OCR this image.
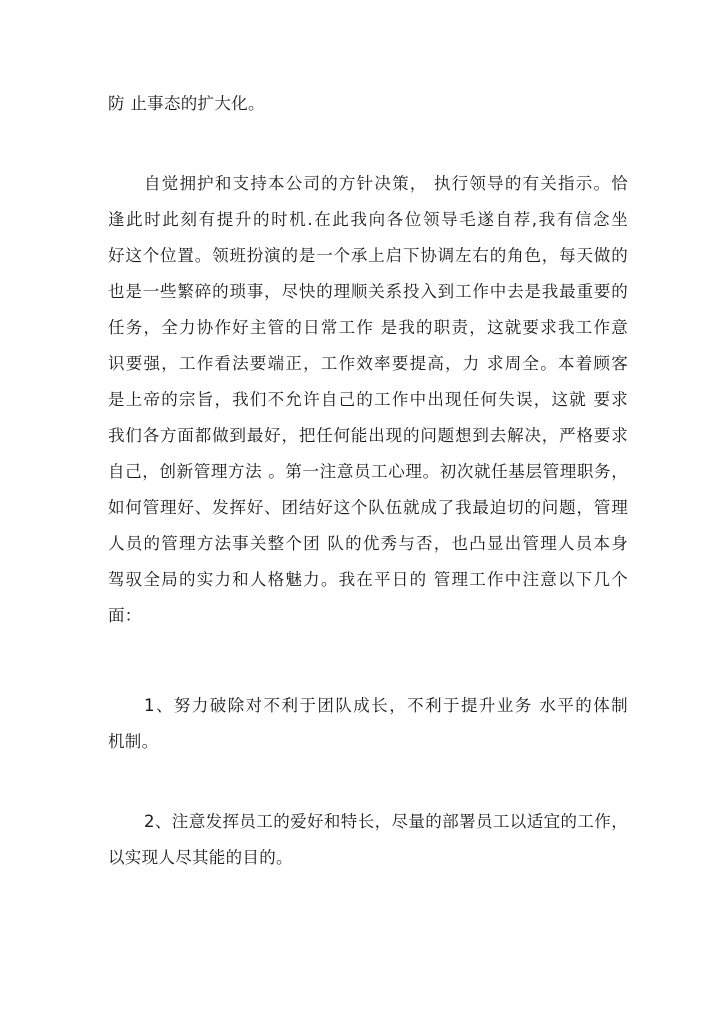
防 止事态的扩大化。
自觉拥护和支持本公司的方针决策， 执行领导的有关指示。恰
逢此时此刻有提升的时机.在此我向各位领导毛遂自荐,我有信念坐
好这个位置。领班扮演的是一个承上启下协调左右的角色，每天做的
也是一些繁碎的琐事，尽快的理顺关系投入到工作中去是我最重要的
任务，全力协作好主管的日常工作 是我的职责，这就要求我工作意
识要强，工作看法要端正，工作效率要提高，力 求周全。本着顾客
是上帝的宗旨，我们不允许自己的工作中出现任何失误，这就 要求
我们各方面都做到最好，把任何能出现的问题想到去解决，严格要求
自己，创新管理方法 。第一注意员工心理。初次就任基层管理职务，
如何管理好、发挥好、团结好这个队伍就成了我最迫切的问题，管理
人员的管理方法事关整个团 队的优秀与否，也凸显出管理人员本身
驾驭全局的实力和人格魅力。我在平日的 管理工作中注意以下几个
面：
1、努力破除对不利于团队成长，不利于提升业务 水平的体制
机制。
2、注意发挥员工的爱好和特长，尽量的部署员工以适宜的工作，
以实现人尽其能的目的。
